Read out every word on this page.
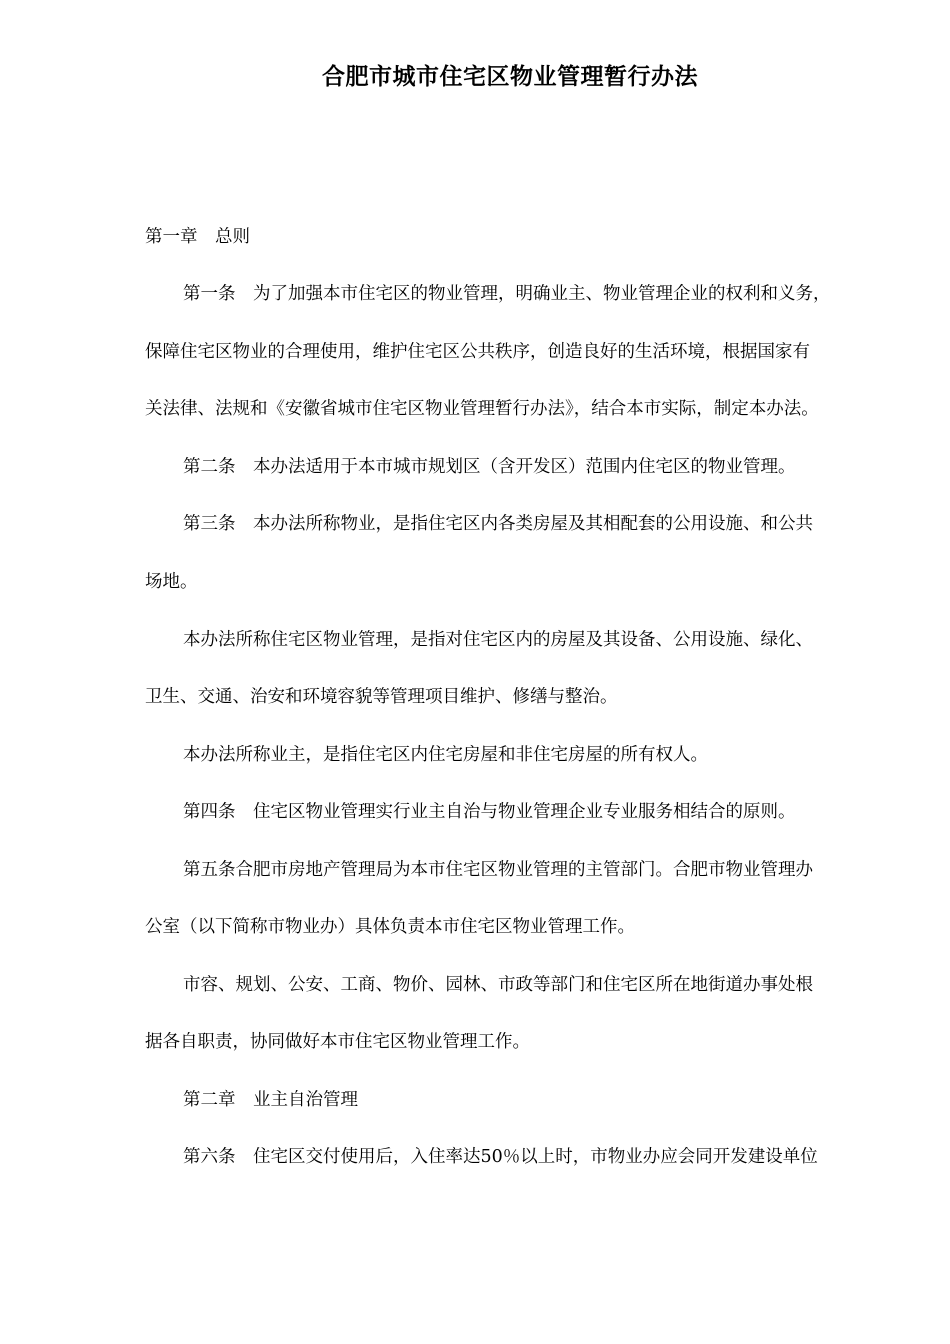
合肥市城市住宅区物业管理暂行办法

第一章　总则

第一条　为了加强本市住宅区的物业管理，明确业主、物业管理企业的权利和义务，

保障住宅区物业的合理使用，维护住宅区公共秩序，创造良好的生活环境，根据国家有

关法律、法规和《安徽省城市住宅区物业管理暂行办法》，结合本市实际，制定本办法。

第二条　本办法适用于本市城市规划区（含开发区）范围内住宅区的物业管理。

第三条　本办法所称物业，是指住宅区内各类房屋及其相配套的公用设施、和公共

场地。

本办法所称住宅区物业管理，是指对住宅区内的房屋及其设备、公用设施、绿化、

卫生、交通、治安和环境容貌等管理项目维护、修缮与整治。

本办法所称业主，是指住宅区内住宅房屋和非住宅房屋的所有权人。

第四条　住宅区物业管理实行业主自治与物业管理企业专业服务相结合的原则。

第五条合肥市房地产管理局为本市住宅区物业管理的主管部门。合肥市物业管理办

公室（以下简称市物业办）具体负责本市住宅区物业管理工作。

市容、规划、公安、工商、物价、园林、市政等部门和住宅区所在地街道办事处根

据各自职责，协同做好本市住宅区物业管理工作。

第二章　业主自治管理

第六条　住宅区交付使用后，入住率达50％以上时，市物业办应会同开发建设单位
